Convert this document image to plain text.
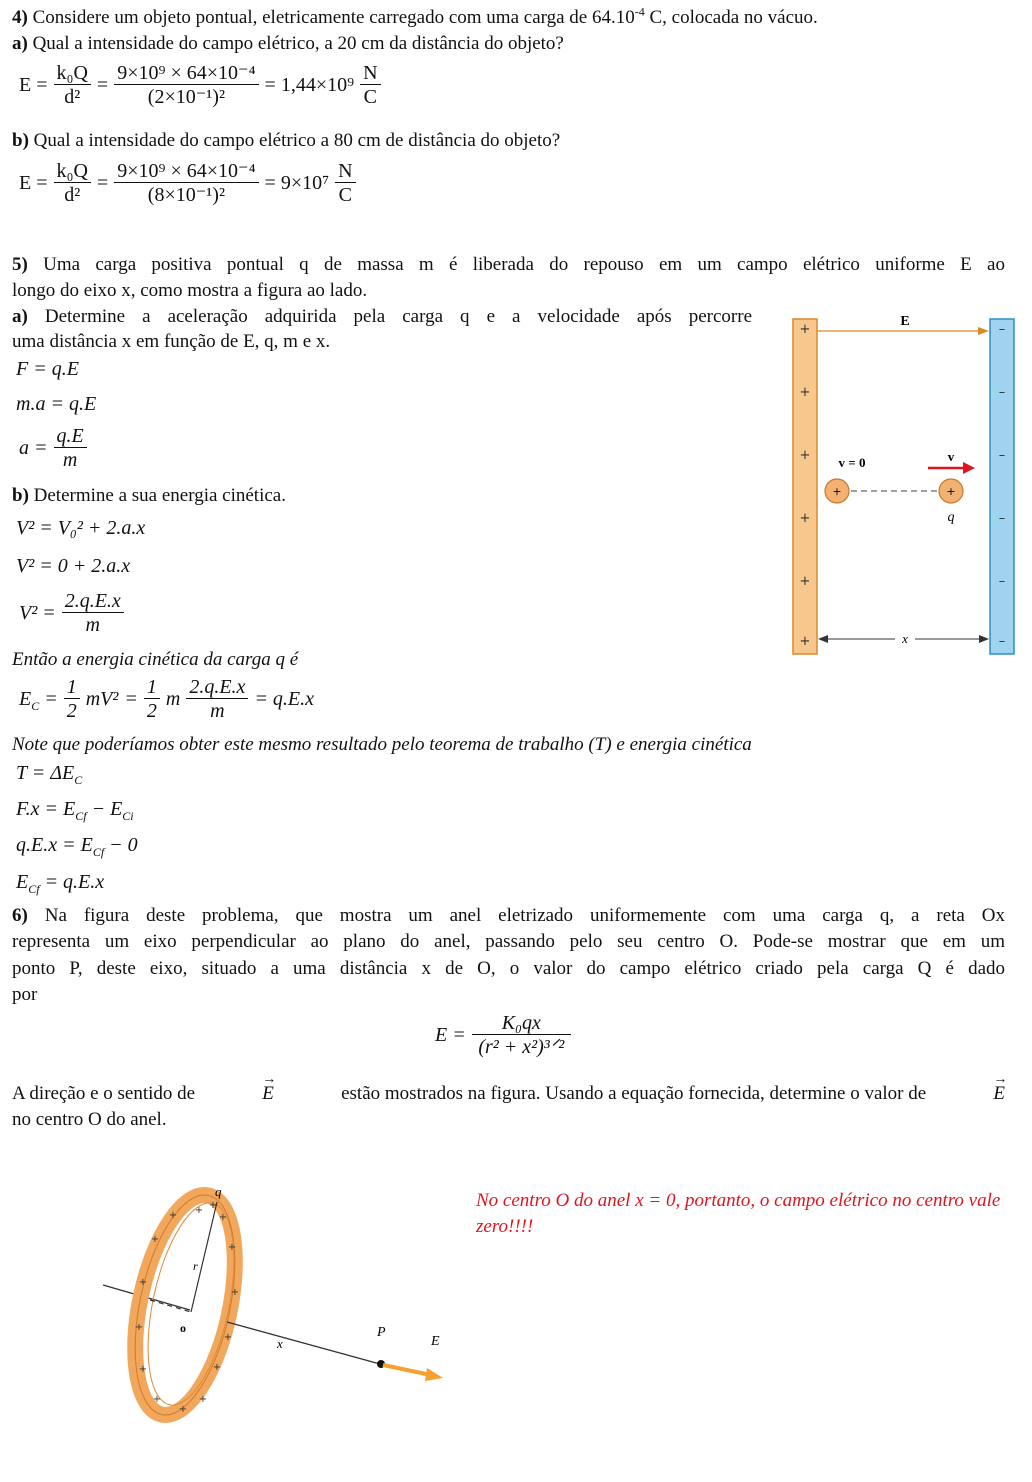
4) Considere um objeto pontual, eletricamente carregado com uma carga de $64.10^{-4}$ C, colocada no vácuo.
a) Qual a intensidade do campo elétrico, a 20 cm da distância do objeto?
$E = \frac{\text{k₀Q}}{\text{d²}} = \frac{\text{9×10⁹ × 64×10⁻⁴}}{\text{(2×10⁻¹)²}} = 1,44\times 10^9 \frac{N}{C}$
b) Qual a intensidade do campo elétrico a 80 cm de distância do objeto?
$E = \frac{\text{k₀Q}}{\text{d²}} = \frac{\text{9×10⁹ × 64×10⁻⁴}}{\text{(8×10⁻¹)²}} = 9\times 10^7 \frac{N}{C}$
5) Uma carga positiva pontual q de massa m é liberada do repouso em um campo elétrico uniforme E ao
longo do eixo x, como mostra a figura ao lado.
a) Determine a aceleração adquirida pela carga q e a velocidade após percorre
uma distância x em função de E, q, m e x.
F = q.E
m.a = q.E
$a = \frac{q.E}{m}$
b) Determine a sua energia cinética.
V² = V₀² + 2.a.x
V² = 0 + 2.a.x
$V^2 = \frac{2.q.E.x}{m}$
Então a energia cinética da carga q é
$E_C = \frac{1}{2} mV^2 = \frac{1}{2}$ m $\frac{2.q.E.x}{m} = q.E.x$
Note que poderíamos obter este mesmo resultado pelo teorema de trabalho (T) e energia cinética
$T = \Delta E_C$
$F.x = E_{Cf} - E_{Ci}$
$q.E.x = E_{Cf} - 0$
$E_{Cf} = q.E.x$
+
+
+
+
+
+
–
–
–
–
–
–
E
v = 0	v
+	+
q
x
6) Na figura deste problema, que mostra um anel eletrizado uniformemente com uma carga q, a reta Ox
representa um eixo perpendicular ao plano do anel, passando pelo seu centro O. Pode-se mostrar que em um
ponto P, deste eixo, situado a uma distância x de O, o valor do campo elétrico criado pela carga Q é dado
por
$E = \frac{\text{K₀qx}}{\text{(r² + x²)³ᐟ²}}$
A direção e o sentido de
→
E	estão mostrados na figura. Usando a equação fornecida, determine o valor de
→
E
no centro O do anel.
No centro O do anel x = 0, portanto, o campo elétrico no centro vale zero!!!!
r
o
q
x
P
E
+ +
+
+
+
+
+
+
+
+
+
+
+
+
+
